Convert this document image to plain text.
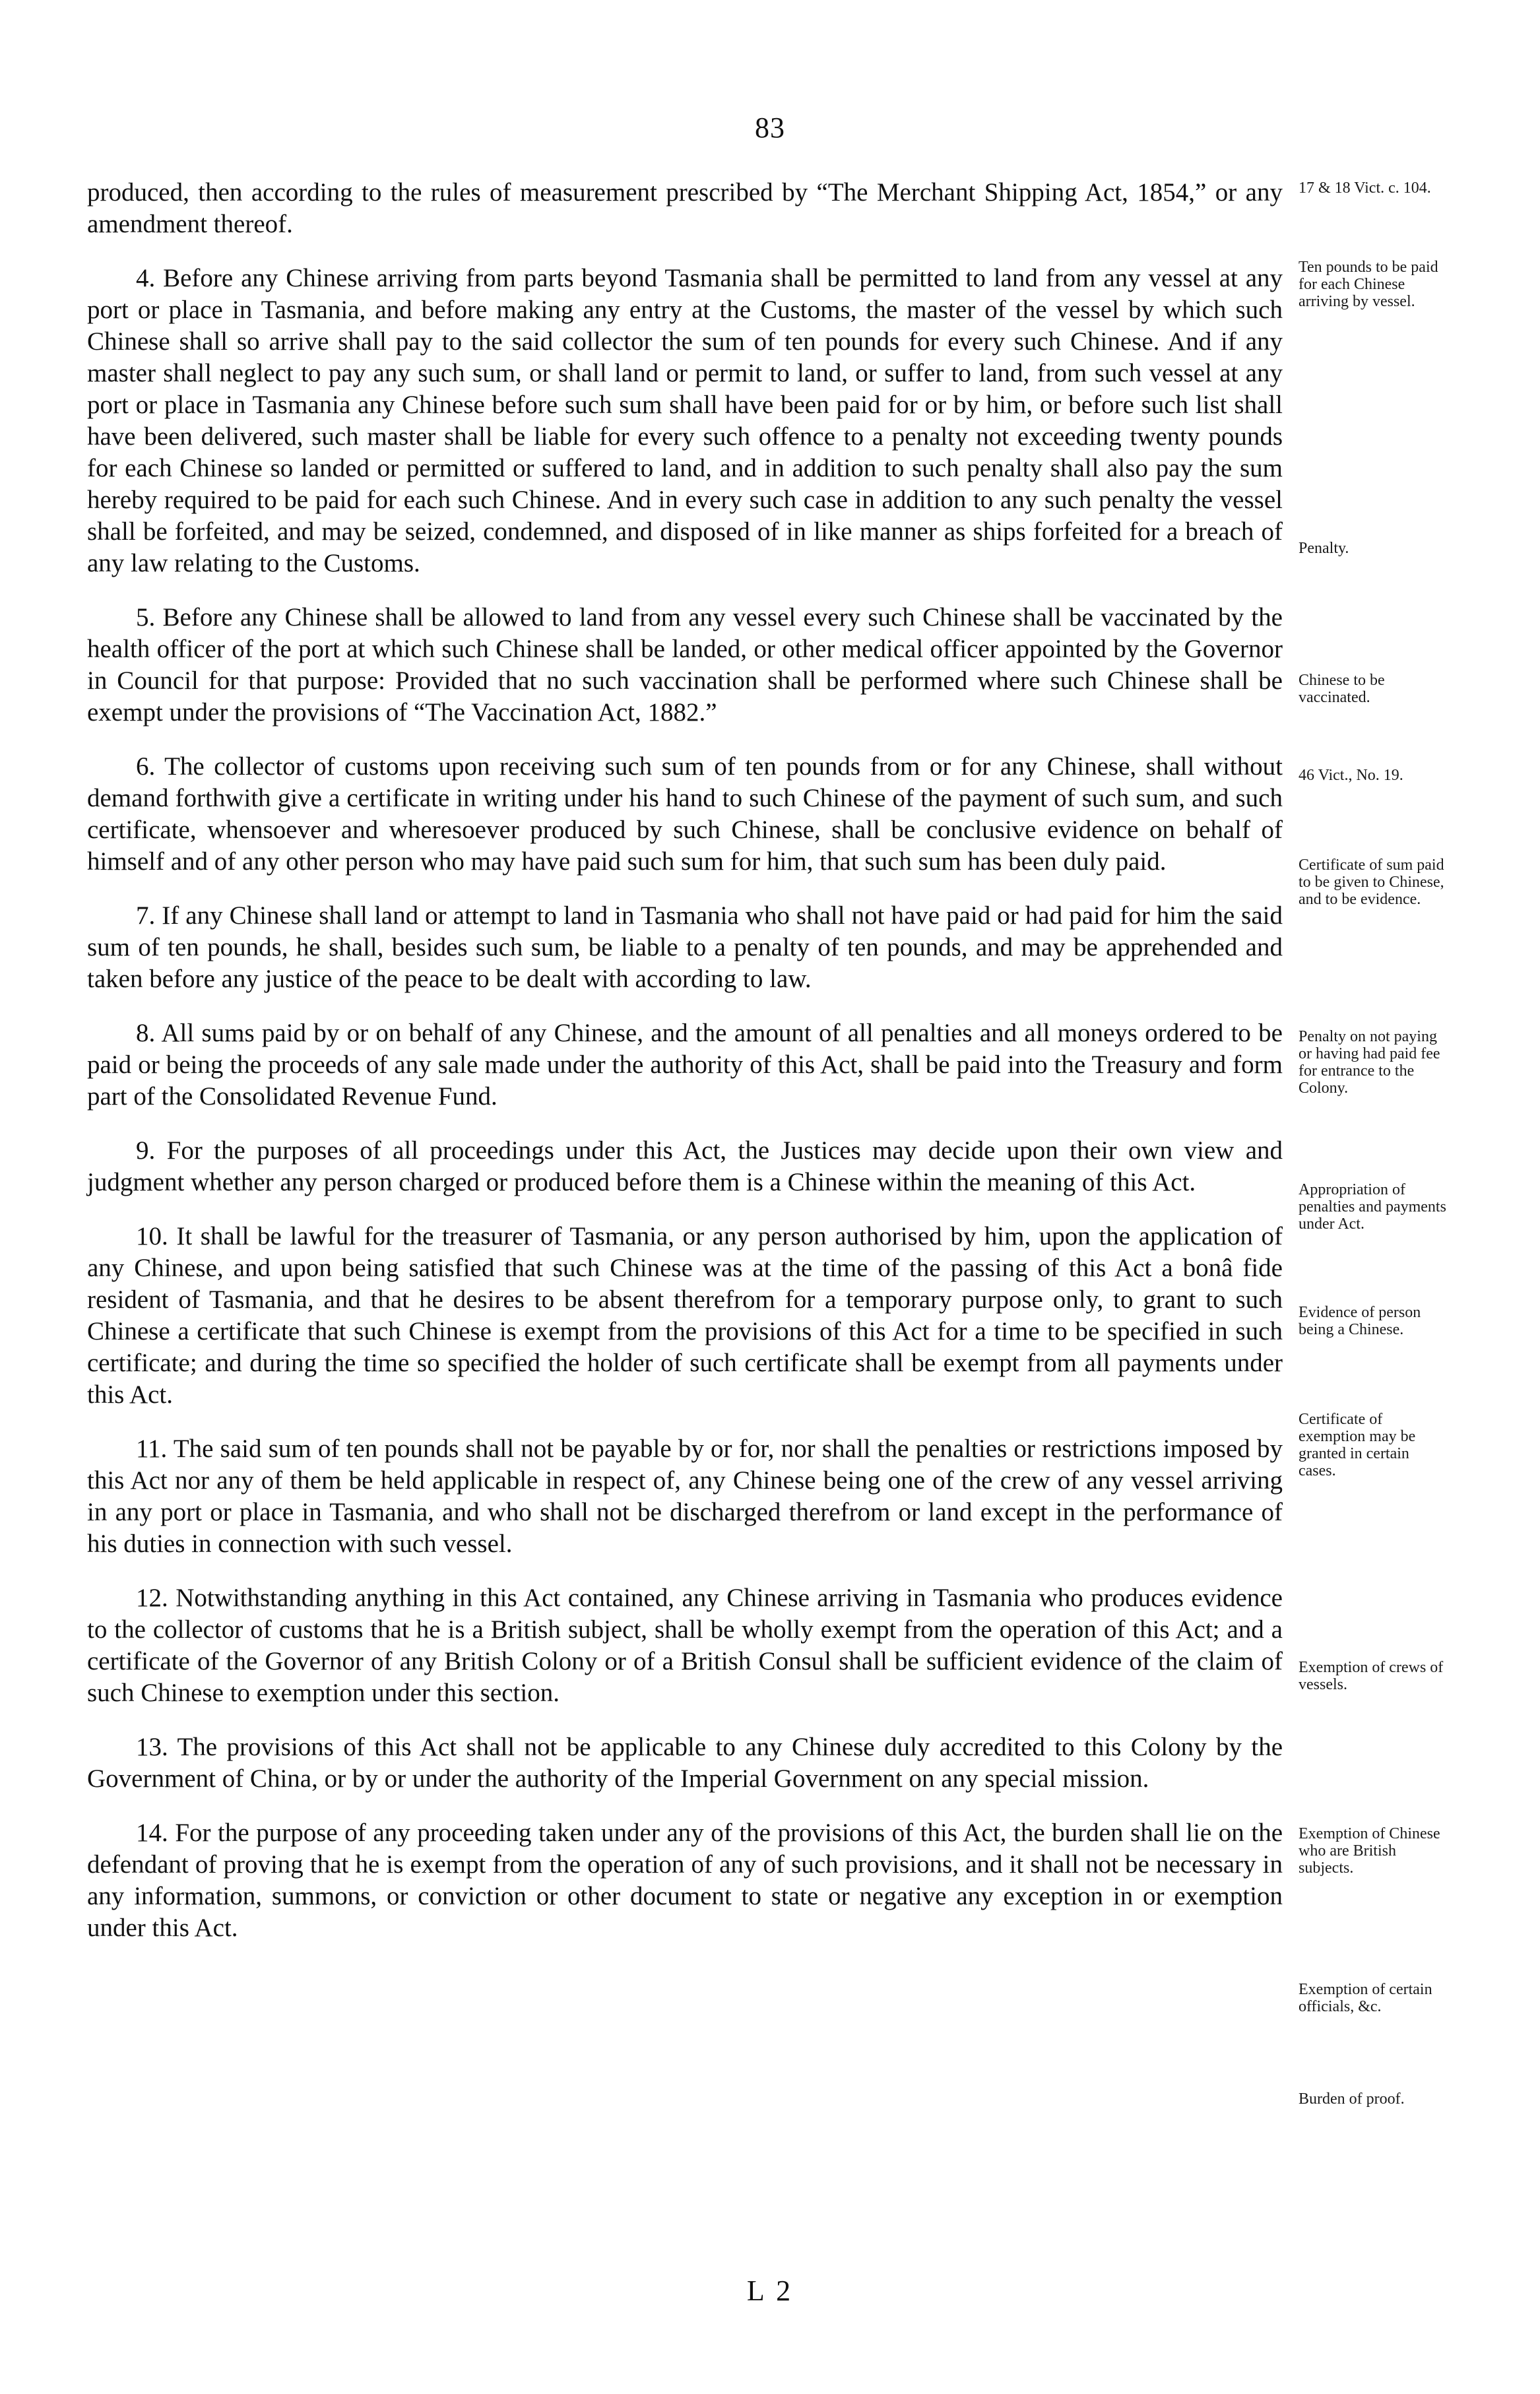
83

produced, then according to the rules of measurement prescribed by “The Merchant Shipping Act, 1854,” or any amendment thereof.

4. Before any Chinese arriving from parts beyond Tasmania shall be permitted to land from any vessel at any port or place in Tasmania, and before making any entry at the Customs, the master of the vessel by which such Chinese shall so arrive shall pay to the said collector the sum of ten pounds for every such Chinese. And if any master shall neglect to pay any such sum, or shall land or permit to land, or suffer to land, from such vessel at any port or place in Tasmania any Chinese before such sum shall have been paid for or by him, or before such list shall have been delivered, such master shall be liable for every such offence to a penalty not exceeding twenty pounds for each Chinese so landed or permitted or suffered to land, and in addition to such penalty shall also pay the sum hereby required to be paid for each such Chinese. And in every such case in addition to any such penalty the vessel shall be forfeited, and may be seized, condemned, and disposed of in like manner as ships forfeited for a breach of any law relating to the Customs.

5. Before any Chinese shall be allowed to land from any vessel every such Chinese shall be vaccinated by the health officer of the port at which such Chinese shall be landed, or other medical officer appointed by the Governor in Council for that purpose: Provided that no such vaccination shall be performed where such Chinese shall be exempt under the provisions of “The Vaccination Act, 1882.”

6. The collector of customs upon receiving such sum of ten pounds from or for any Chinese, shall without demand forthwith give a certificate in writing under his hand to such Chinese of the payment of such sum, and such certificate, whensoever and wheresoever produced by such Chinese, shall be conclusive evidence on behalf of himself and of any other person who may have paid such sum for him, that such sum has been duly paid.

7. If any Chinese shall land or attempt to land in Tasmania who shall not have paid or had paid for him the said sum of ten pounds, he shall, besides such sum, be liable to a penalty of ten pounds, and may be apprehended and taken before any justice of the peace to be dealt with according to law.

8. All sums paid by or on behalf of any Chinese, and the amount of all penalties and all moneys ordered to be paid or being the proceeds of any sale made under the authority of this Act, shall be paid into the Treasury and form part of the Consolidated Revenue Fund.

9. For the purposes of all proceedings under this Act, the Justices may decide upon their own view and judgment whether any person charged or produced before them is a Chinese within the meaning of this Act.

10. It shall be lawful for the treasurer of Tasmania, or any person authorised by him, upon the application of any Chinese, and upon being satisfied that such Chinese was at the time of the passing of this Act a bonâ fide resident of Tasmania, and that he desires to be absent therefrom for a temporary purpose only, to grant to such Chinese a certificate that such Chinese is exempt from the provisions of this Act for a time to be specified in such certificate; and during the time so specified the holder of such certificate shall be exempt from all payments under this Act.

11. The said sum of ten pounds shall not be payable by or for, nor shall the penalties or restrictions imposed by this Act nor any of them be held applicable in respect of, any Chinese being one of the crew of any vessel arriving in any port or place in Tasmania, and who shall not be discharged therefrom or land except in the performance of his duties in connection with such vessel.

12. Notwithstanding anything in this Act contained, any Chinese arriving in Tasmania who produces evidence to the collector of customs that he is a British subject, shall be wholly exempt from the operation of this Act; and a certificate of the Governor of any British Colony or of a British Consul shall be sufficient evidence of the claim of such Chinese to exemption under this section.

13. The provisions of this Act shall not be applicable to any Chinese duly accredited to this Colony by the Government of China, or by or under the authority of the Imperial Government on any special mission.

14. For the purpose of any proceeding taken under any of the provisions of this Act, the burden shall lie on the defendant of proving that he is exempt from the operation of any of such provisions, and it shall not be necessary in any information, summons, or conviction or other document to state or negative any exception in or exemption under this Act.

17 & 18 Vict. c. 104.
Ten pounds to be paid for each Chinese arriving by vessel.
Penalty.
Chinese to be vaccinated.
46 Vict., No. 19.
Certificate of sum paid to be given to Chinese, and to be evidence.
Penalty on not paying or having had paid fee for entrance to the Colony.
Appropriation of penalties and payments under Act.
Evidence of person being a Chinese.
Certificate of exemption may be granted in certain cases.
Exemption of crews of vessels.
Exemption of Chinese who are British subjects.
Exemption of certain officials, &c.
Burden of proof.
L 2
